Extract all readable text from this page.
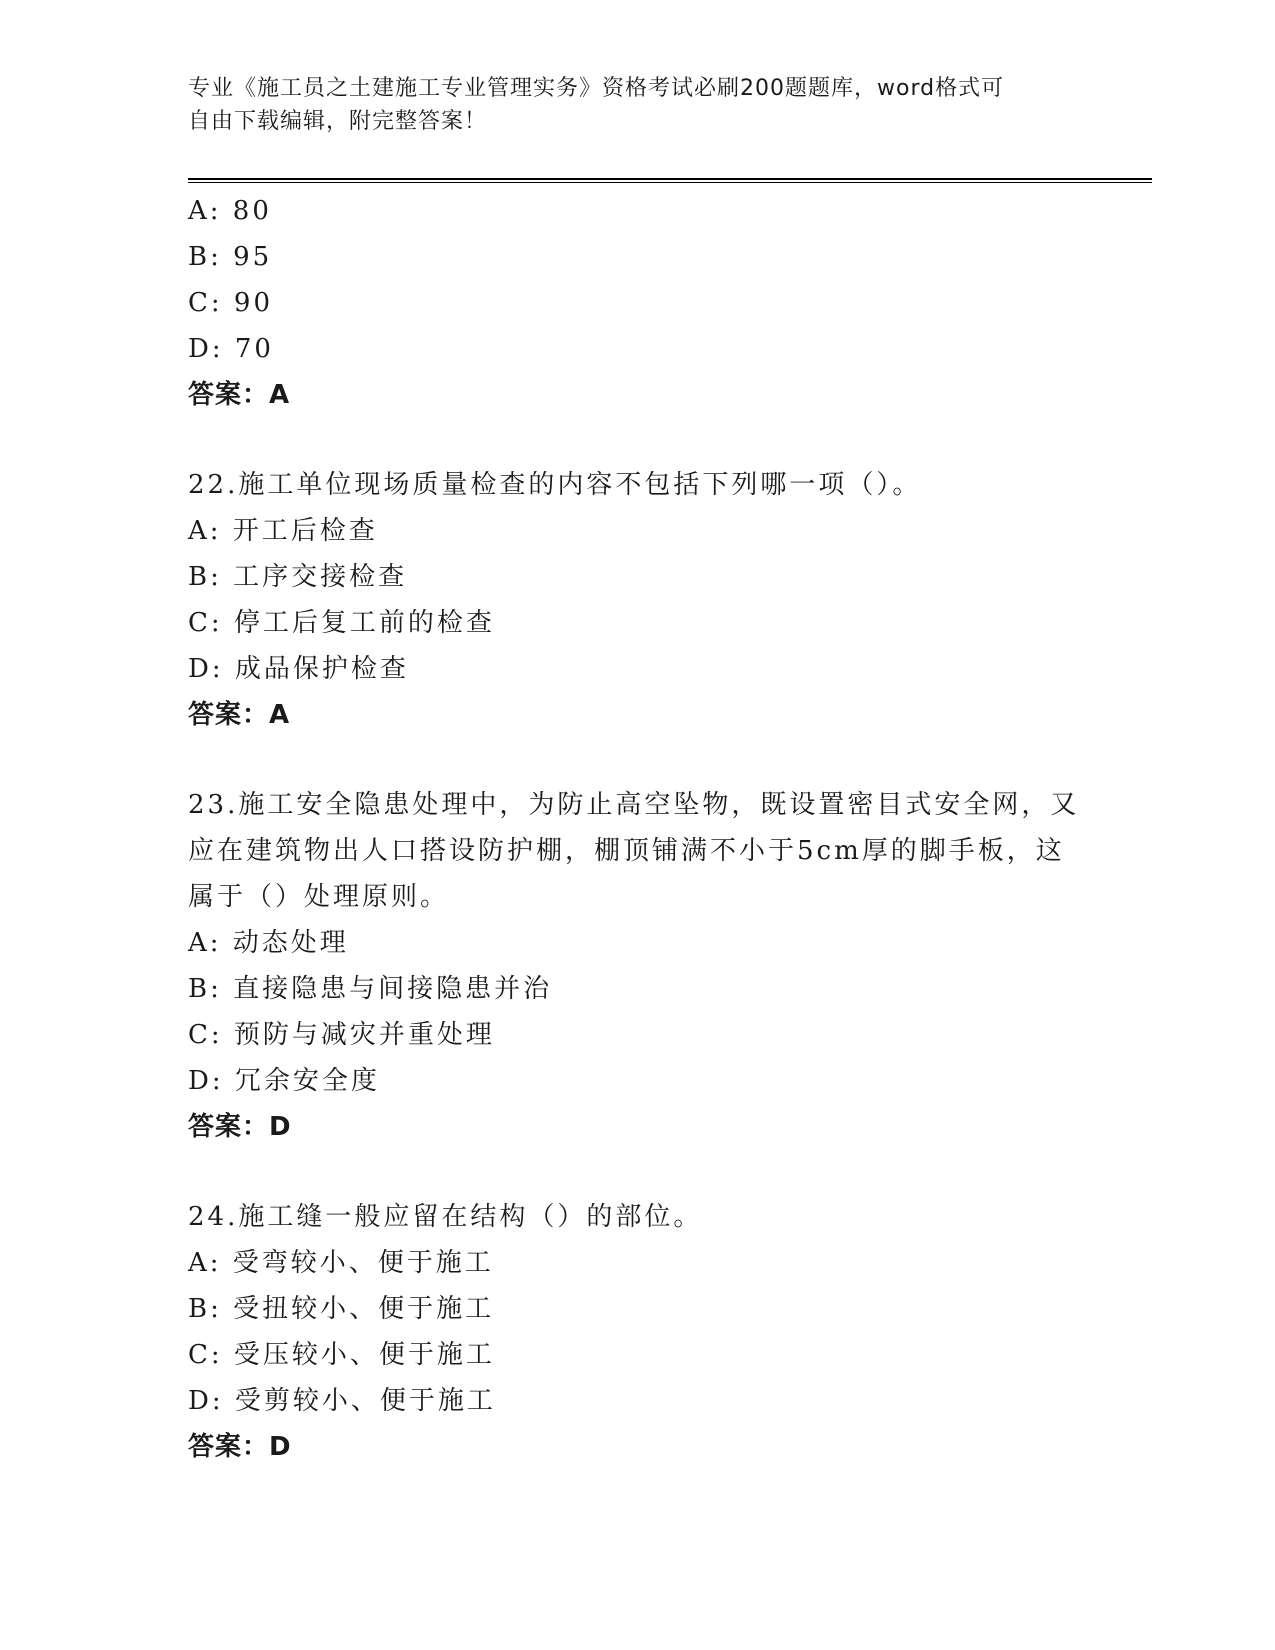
专业《施工员之土建施工专业管理实务》资格考试必刷200题题库，word格式可
自由下载编辑，附完整答案！
A: 80
B: 95
C: 90
D: 70
答案：A
22.施工单位现场质量检查的内容不包括下列哪一项（）。
A: 开工后检查
B: 工序交接检查
C: 停工后复工前的检查
D: 成品保护检查
答案：A
23.施工安全隐患处理中，为防止高空坠物，既设置密目式安全网，又
应在建筑物出人口搭设防护棚，棚顶铺满不小于5cm厚的脚手板，这
属于（）处理原则。
A: 动态处理
B: 直接隐患与间接隐患并治
C: 预防与减灾并重处理
D: 冗余安全度
答案：D
24.施工缝一般应留在结构（）的部位。
A: 受弯较小、便于施工
B: 受扭较小、便于施工
C: 受压较小、便于施工
D: 受剪较小、便于施工
答案：D
